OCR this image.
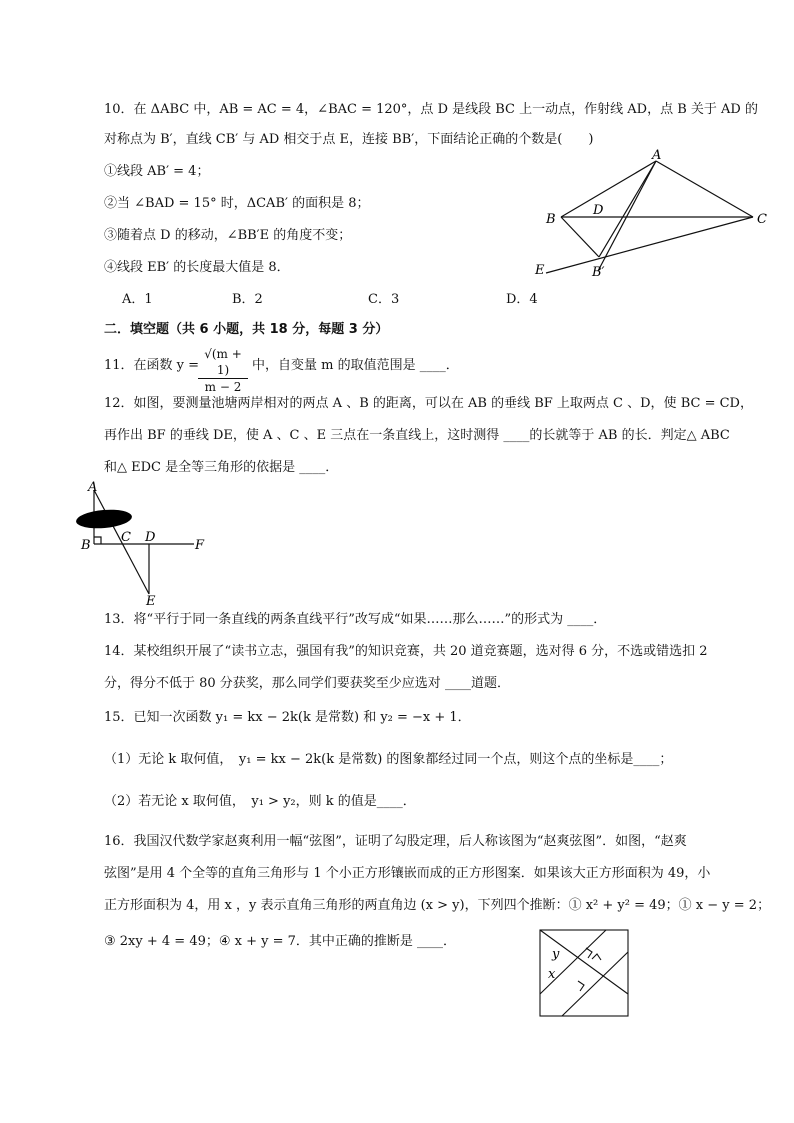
10．在 ΔABC 中，AB = AC = 4，∠BAC = 120°，点 D 是线段 BC 上一动点，作射线 AD，点 B 关于 AD 的
对称点为 B′，直线 CB′ 与 AD 相交于点 E，连接 BB′，下面结论正确的个数是(　　)
①线段 AB′ = 4；
②当 ∠BAD = 15° 时，ΔCAB′ 的面积是 8；
③随着点 D 的移动，∠BB′E 的角度不变；
④线段 EB′ 的长度最大值是 8．
A．1	B．2	C．3	D．4
A
B	C
D
E	B′
二．填空题（共 6 小题，共 18 分，每题 3 分）
11．在函数 y =
$\frac{√(m + 1)}{m - 2}$ 中，自变量 m 的取值范围是 ____．
12．如图，要测量池塘两岸相对的两点 A 、B 的距离，可以在 AB 的垂线 BF 上取两点 C 、D，使 BC = CD，
再作出 BF 的垂线 DE，使 A 、C 、E 三点在一条直线上，这时测得 ____的长就等于 AB 的长．判定△ ABC
和△ EDC 是全等三角形的依据是 ____．
A
B
C D
E
F
13．将“平行于同一条直线的两条直线平行”改写成“如果……那么……”的形式为 ____．
14．某校组织开展了“读书立志，强国有我”的知识竞赛，共 20 道竞赛题，选对得 6 分，不选或错选扣 2
分，得分不低于 80 分获奖，那么同学们要获奖至少应选对 ____道题．
15．已知一次函数 y₁ = kx − 2k(k 是常数) 和 y₂ = −x + 1．
（1）无论 k 取何值，　y₁ = kx − 2k(k 是常数) 的图象都经过同一个点，则这个点的坐标是____；
（2）若无论 x 取何值，　y₁ > y₂，则 k 的值是____．
16．我国汉代数学家赵爽利用一幅“弦图”，证明了勾股定理，后人称该图为“赵爽弦图”．如图，“赵爽
弦图”是用 4 个全等的直角三角形与 1 个小正方形镶嵌而成的正方形图案．如果该大正方形面积为 49，小
正方形面积为 4，用 x ，y 表示直角三角形的两直角边 (x > y)，下列四个推断：① x² + y² = 49；① x − y = 2；
③ 2xy + 4 = 49；④ x + y = 7．其中正确的推断是 ____．
y
x
